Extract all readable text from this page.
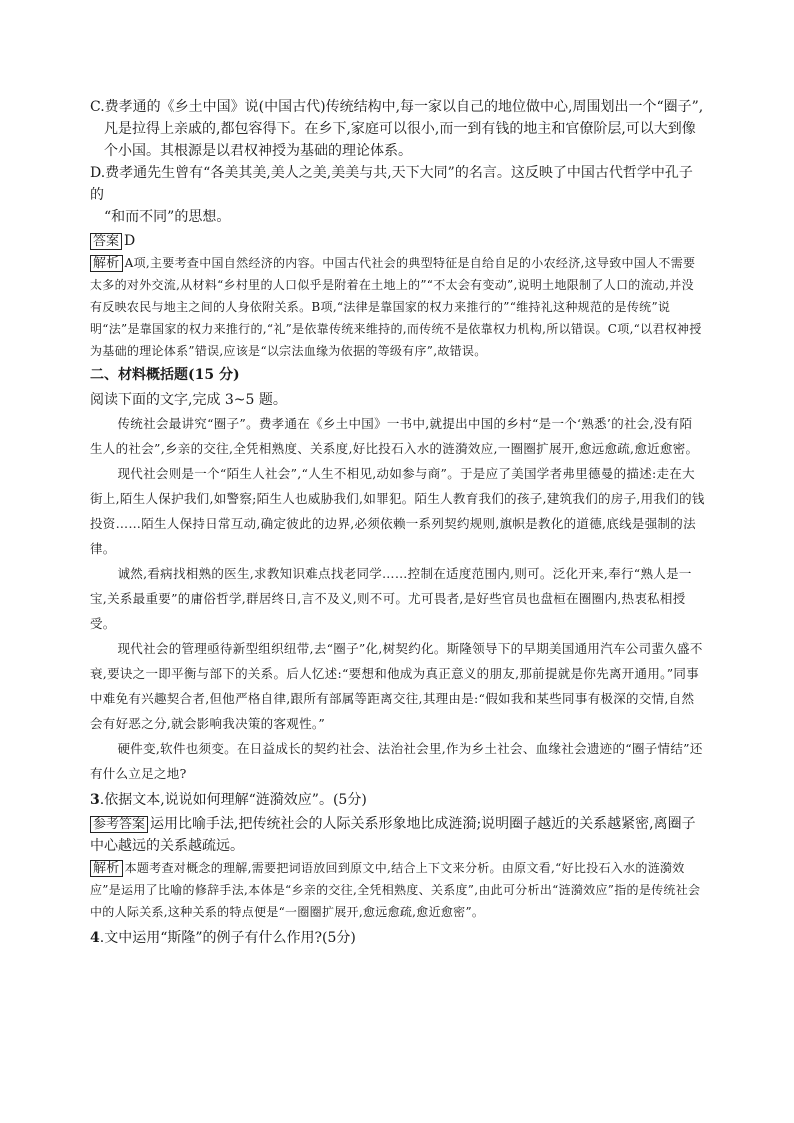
C.费孝通的《乡土中国》说(中国古代)传统结构中,每一家以自己的地位做中心,周围划出一个“圈子”,
凡是拉得上亲戚的,都包容得下。在乡下,家庭可以很小,而一到有钱的地主和官僚阶层,可以大到像个小国。其根源是以君权神授为基础的理论体系。

D.费孝通先生曾有“各美其美,美人之美,美美与共,天下大同”的名言。这反映了中国古代哲学中孔子的
“和而不同”的思想。

答案 D

解析 A项,主要考查中国自然经济的内容。中国古代社会的典型特征是自给自足的小农经济,这导致中国人不需要太多的对外交流,从材料“乡村里的人口似乎是附着在土地上的”“不太会有变动”,说明土地限制了人口的流动,并没有反映农民与地主之间的人身依附关系。B项,“法律是靠国家的权力来推行的”“维持礼这种规范的是传统”说明“法”是靠国家的权力来推行的,“礼”是依靠传统来维持的,而传统不是依靠权力机构,所以错误。C项,“以君权神授为基础的理论体系”错误,应该是“以宗法血缘为依据的等级有序”,故错误。

二、材料概括题(15 分)

阅读下面的文字,完成 3~5 题。

传统社会最讲究“圈子”。费孝通在《乡土中国》一书中,就提出中国的乡村“是一个‘熟悉’的社会,没有陌生人的社会”,乡亲的交往,全凭相熟度、关系度,好比投石入水的涟漪效应,一圈圈扩展开,愈远愈疏,愈近愈密。

现代社会则是一个“陌生人社会”,“人生不相见,动如参与商”。于是应了美国学者弗里德曼的描述:走在大街上,陌生人保护我们,如警察;陌生人也威胁我们,如罪犯。陌生人教育我们的孩子,建筑我们的房子,用我们的钱投资……陌生人保持日常互动,确定彼此的边界,必须依赖一系列契约规则,旗帜是教化的道德,底线是强制的法律。

诚然,看病找相熟的医生,求教知识难点找老同学……控制在适度范围内,则可。泛化开来,奉行“熟人是一宝,关系最重要”的庸俗哲学,群居终日,言不及义,则不可。尤可畏者,是好些官员也盘桓在圈圈内,热衷私相授受。

现代社会的管理亟待新型组织纽带,去“圈子”化,树契约化。斯隆领导下的早期美国通用汽车公司蜚久盛不衰,要诀之一即平衡与部下的关系。后人忆述:“要想和他成为真正意义的朋友,那前提就是你先离开通用。”同事中难免有兴趣契合者,但他严格自律,跟所有部属等距离交往,其理由是:“假如我和某些同事有极深的交情,自然会有好恶之分,就会影响我决策的客观性。”

硬件变,软件也须变。在日益成长的契约社会、法治社会里,作为乡土社会、血缘社会遗迹的“圈子情结”还有什么立足之地?

3.依据文本,说说如何理解“涟漪效应”。(5分)

参考答案 运用比喻手法,把传统社会的人际关系形象地比成涟漪;说明圈子越近的关系越紧密,离圈子中心越远的关系越疏远。

解析 本题考查对概念的理解,需要把词语放回到原文中,结合上下文来分析。由原文看,“好比投石入水的涟漪效应”是运用了比喻的修辞手法,本体是“乡亲的交往,全凭相熟度、关系度”,由此可分析出“涟漪效应”指的是传统社会中的人际关系,这种关系的特点便是“一圈圈扩展开,愈远愈疏,愈近愈密”。

4.文中运用“斯隆”的例子有什么作用?(5分)
